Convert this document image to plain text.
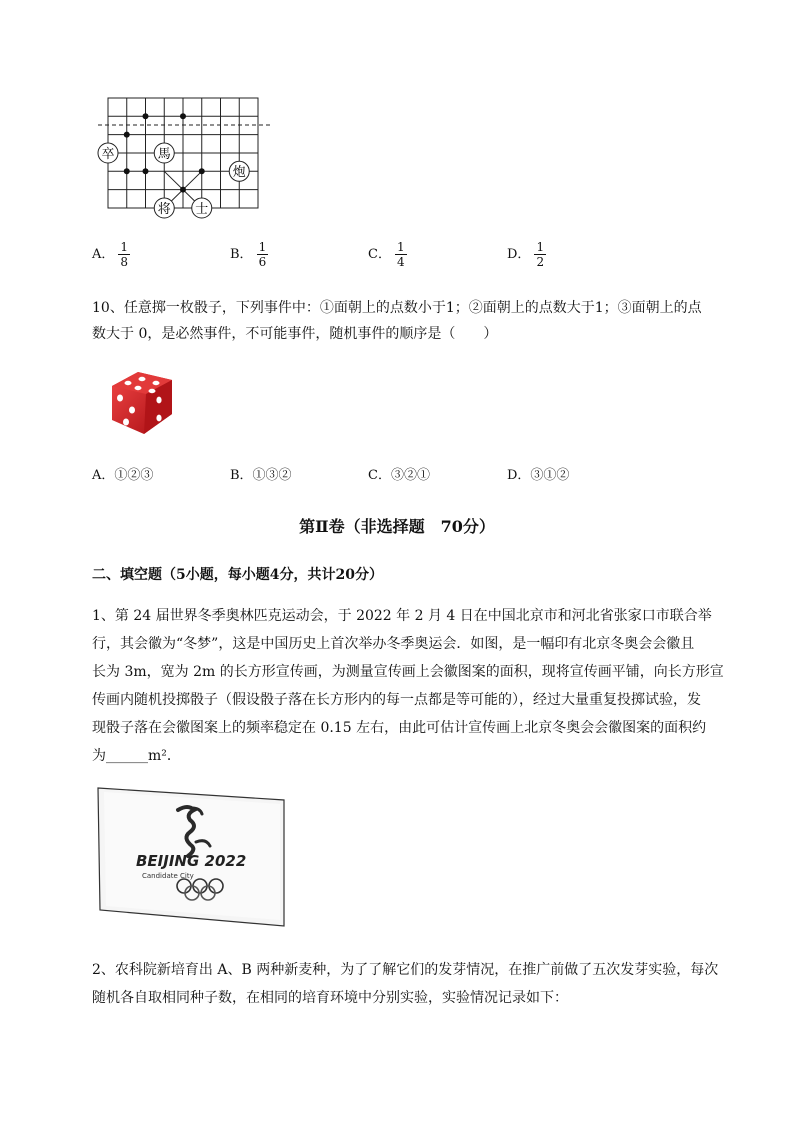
卒	馬
炮
将 士
A． $\frac{1}{8}$	B． $\frac{1}{6}$	C． $\frac{1}{4}$	D． $\frac{1}{2}$
10、任意掷一枚骰子，下列事件中：①面朝上的点数小于1；②面朝上的点数大于1；③面朝上的点
数大于 0，是必然事件，不可能事件，随机事件的顺序是（　　）
A．①②③	B．①③②	C．③②①	D．③①②
第Ⅱ卷（非选择题　70分）
二、填空题（5小题，每小题4分，共计20分）
1、第 24 届世界冬季奥林匹克运动会，于 2022 年 2 月 4 日在中国北京市和河北省张家口市联合举
行，其会徽为“冬梦”，这是中国历史上首次举办冬季奥运会．如图，是一幅印有北京冬奥会会徽且
长为 3m，宽为 2m 的长方形宣传画，为测量宣传画上会徽图案的面积，现将宣传画平铺，向长方形宣
传画内随机投掷骰子（假设骰子落在长方形内的每一点都是等可能的），经过大量重复投掷试验，发
现骰子落在会徽图案上的频率稳定在 0.15 左右，由此可估计宣传画上北京冬奥会会徽图案的面积约
为______m²．
BEIJING 2022
Candidate City
2、农科院新培育出 A、B 两种新麦种，为了了解它们的发芽情况，在推广前做了五次发芽实验，每次
随机各自取相同种子数，在相同的培育环境中分别实验，实验情况记录如下：
